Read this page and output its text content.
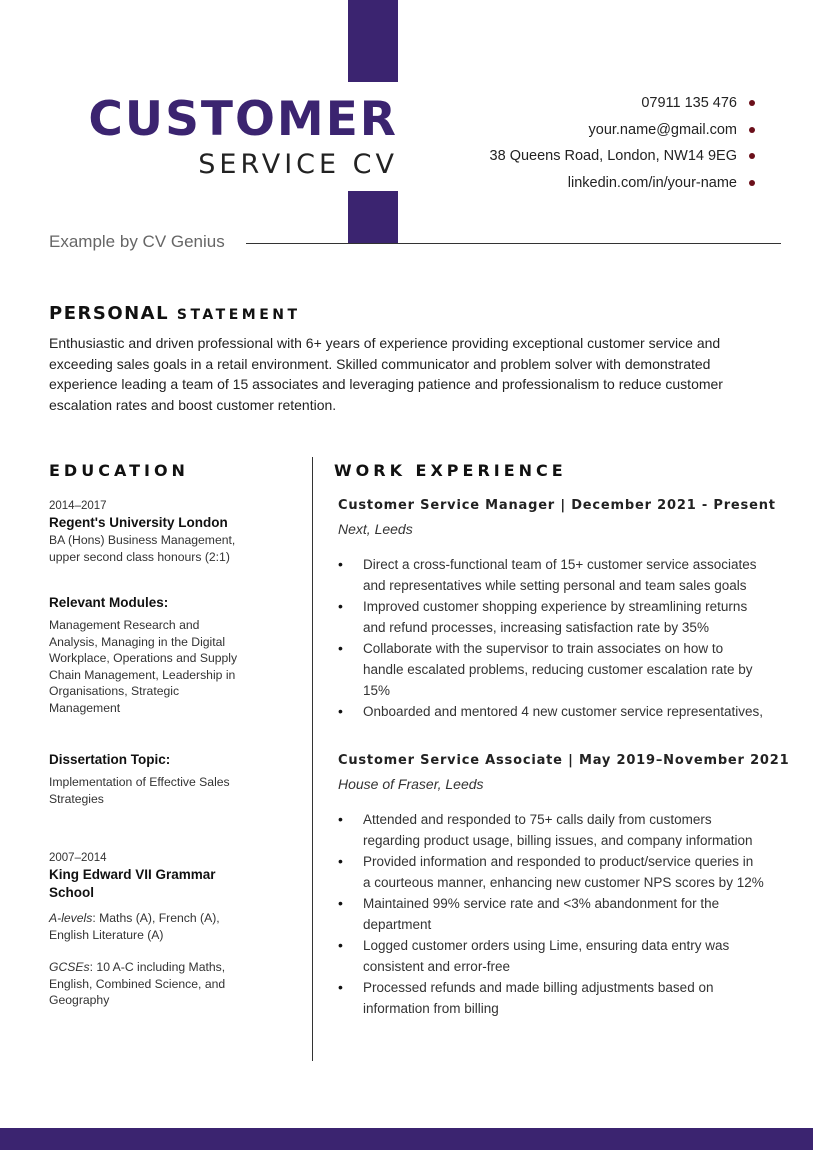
CUSTOMER
SERVICE CV
07911 135 476
your.name@gmail.com
38 Queens Road, London, NW14 9EG
linkedin.com/in/your-name
Example by CV Genius
PERSONAL STATEMENT
Enthusiastic and driven professional with 6+ years of experience providing exceptional customer service and exceeding sales goals in a retail environment. Skilled communicator and problem solver with demonstrated experience leading a team of 15 associates and leveraging patience and professionalism to reduce customer escalation rates and boost customer retention.
EDUCATION
2014–2017
Regent's University London
BA (Hons) Business Management,
upper second class honours (2:1)
Relevant Modules:
Management Research and
Analysis, Managing in the Digital
Workplace, Operations and Supply
Chain Management, Leadership in
Organisations, Strategic
Management
Dissertation Topic:
Implementation of Effective Sales
Strategies
2007–2014
King Edward VII Grammar
School
A-levels: Maths (A), French (A),
English Literature (A)
GCSEs: 10 A-C including Maths,
English, Combined Science, and
Geography
WORK EXPERIENCE
Customer Service Manager | December 2021 - Present
Next, Leeds
• Direct a cross-functional team of 15+ customer service associates
and representatives while setting personal and team sales goals
• Improved customer shopping experience by streamlining returns
and refund processes, increasing satisfaction rate by 35%
• Collaborate with the supervisor to train associates on how to
handle escalated problems, reducing customer escalation rate by
15%
• Onboarded and mentored 4 new customer service representatives,
Customer Service Associate | May 2019–November 2021
House of Fraser, Leeds
• Attended and responded to 75+ calls daily from customers
regarding product usage, billing issues, and company information
• Provided information and responded to product/service queries in
a courteous manner, enhancing new customer NPS scores by 12%
• Maintained 99% service rate and <3% abandonment for the
department
• Logged customer orders using Lime, ensuring data entry was
consistent and error-free
• Processed refunds and made billing adjustments based on
information from billing
